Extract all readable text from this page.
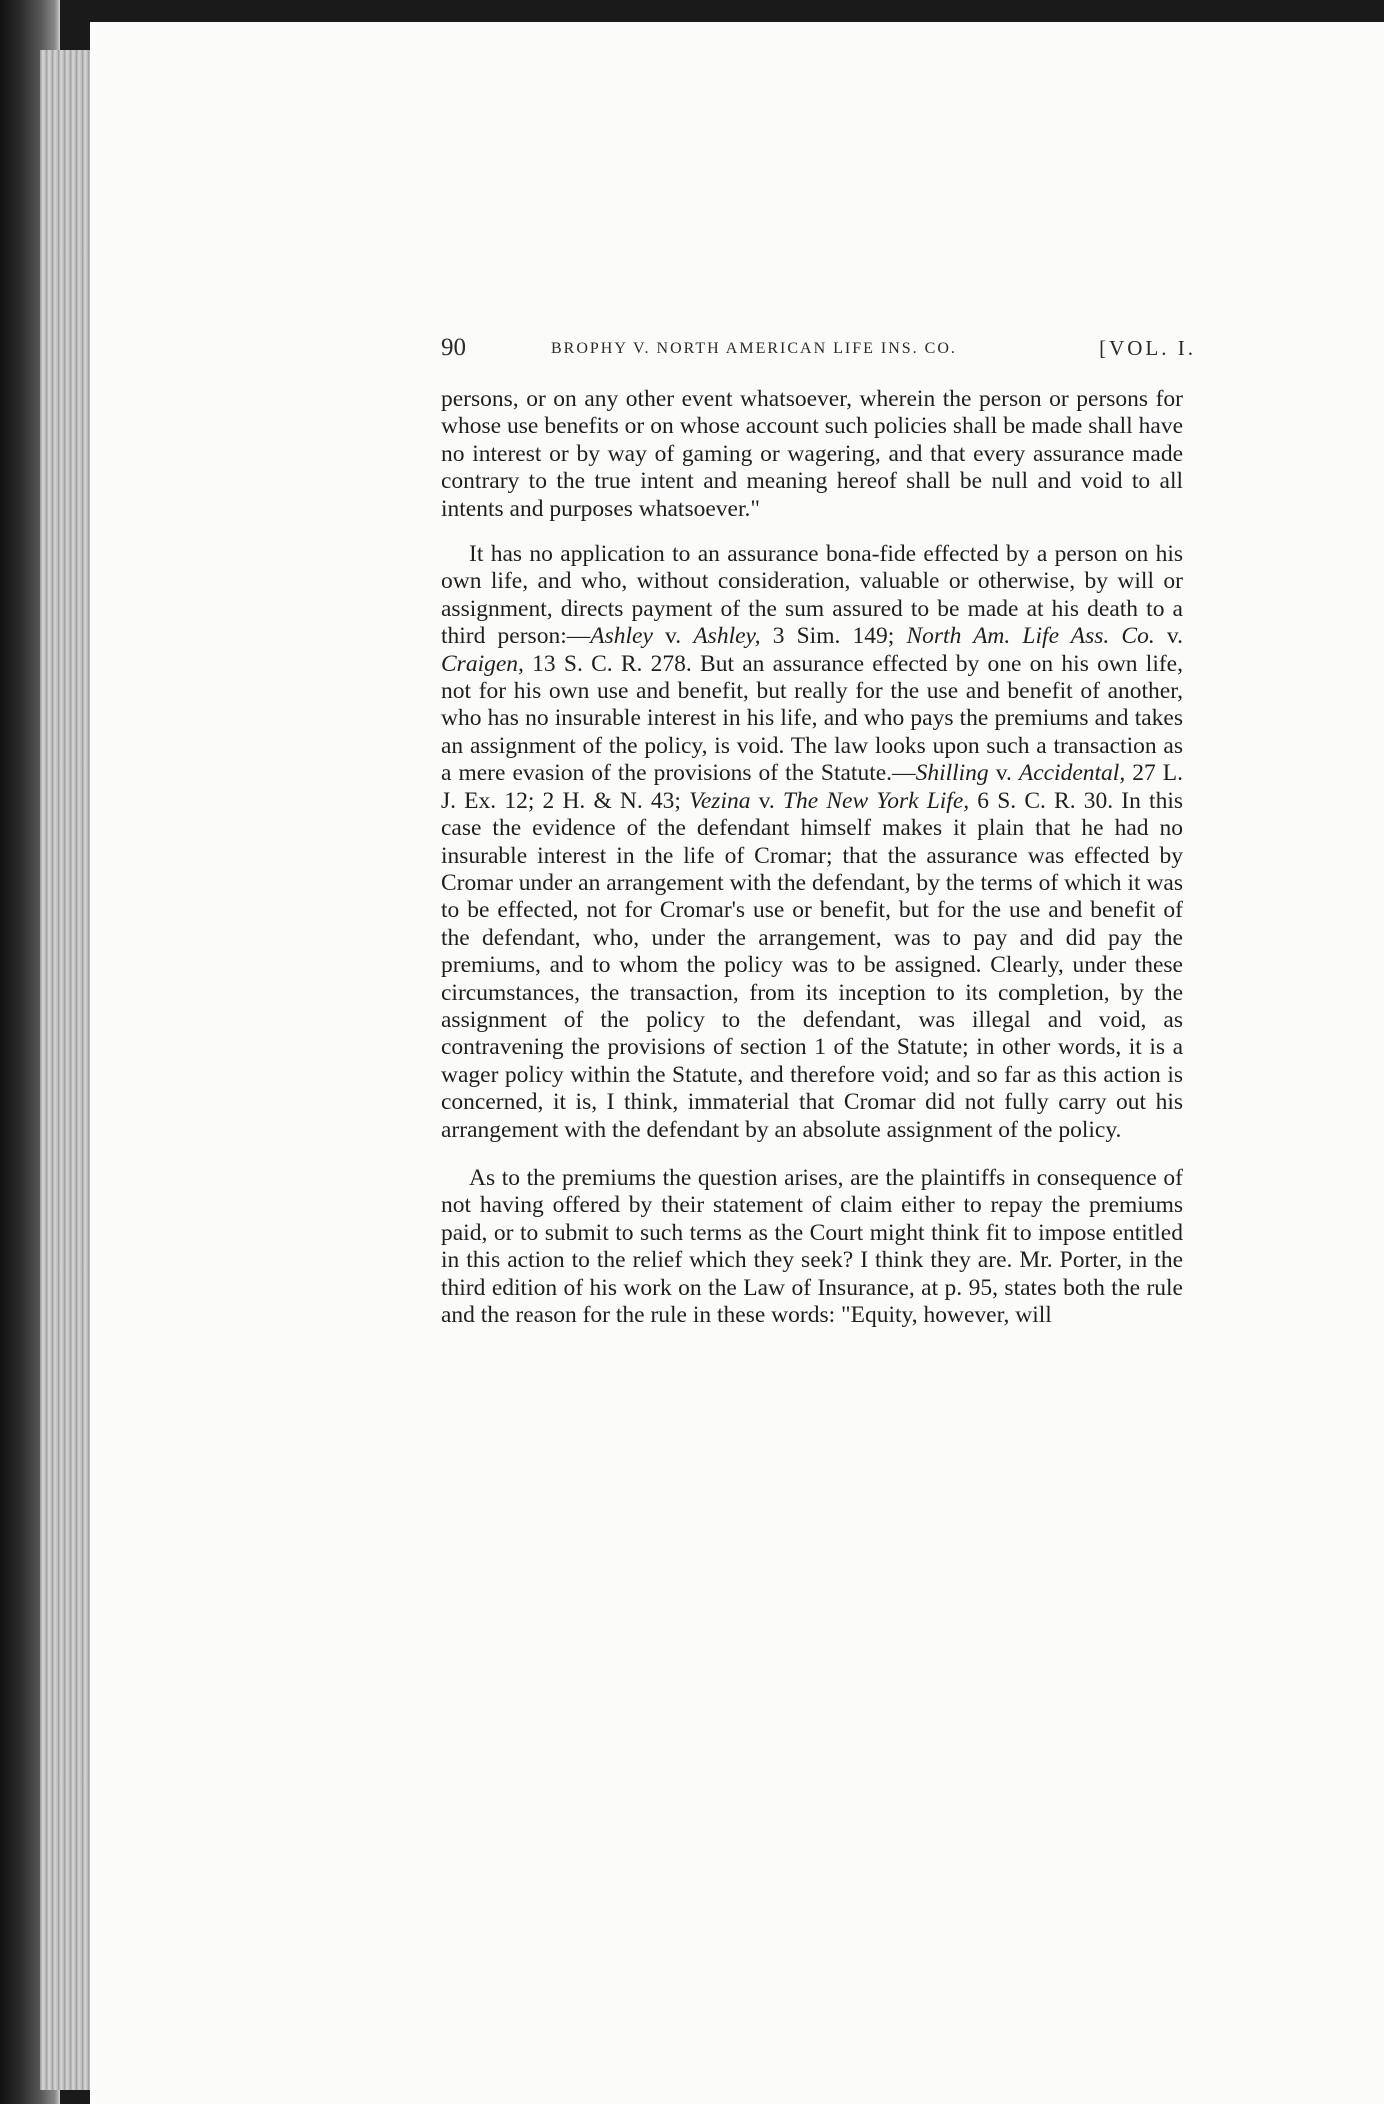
90	BROPHY V. NORTH AMERICAN LIFE INS. CO.	[VOL. I.

persons, or on any other event whatsoever, wherein the person or persons for whose use benefits or on whose account such policies shall be made shall have no interest or by way of gaming or wagering, and that every assurance made contrary to the true intent and meaning hereof shall be null and void to all intents and purposes whatsoever."

It has no application to an assurance bona-fide effected by a person on his own life, and who, without consideration, valuable or otherwise, by will or assignment, directs payment of the sum assured to be made at his death to a third person:—Ashley v. Ashley, 3 Sim. 149; North Am. Life Ass. Co. v. Craigen, 13 S. C. R. 278. But an assurance effected by one on his own life, not for his own use and benefit, but really for the use and benefit of another, who has no insurable interest in his life, and who pays the premiums and takes an assignment of the policy, is void. The law looks upon such a transaction as a mere evasion of the provisions of the Statute.—Shilling v. Accidental, 27 L. J. Ex. 12; 2 H. & N. 43; Vezina v. The New York Life, 6 S. C. R. 30. In this case the evidence of the defendant himself makes it plain that he had no insurable interest in the life of Cromar; that the assurance was effected by Cromar under an arrangement with the defendant, by the terms of which it was to be effected, not for Cromar's use or benefit, but for the use and benefit of the defendant, who, under the arrangement, was to pay and did pay the premiums, and to whom the policy was to be assigned. Clearly, under these circumstances, the transaction, from its inception to its completion, by the assignment of the policy to the defendant, was illegal and void, as contravening the provisions of section 1 of the Statute; in other words, it is a wager policy within the Statute, and therefore void; and so far as this action is concerned, it is, I think, immaterial that Cromar did not fully carry out his arrangement with the defendant by an absolute assignment of the policy.

As to the premiums the question arises, are the plaintiffs in consequence of not having offered by their statement of claim either to repay the premiums paid, or to submit to such terms as the Court might think fit to impose entitled in this action to the relief which they seek? I think they are. Mr. Porter, in the third edition of his work on the Law of Insurance, at p. 95, states both the rule and the reason for the rule in these words: "Equity, however, will
